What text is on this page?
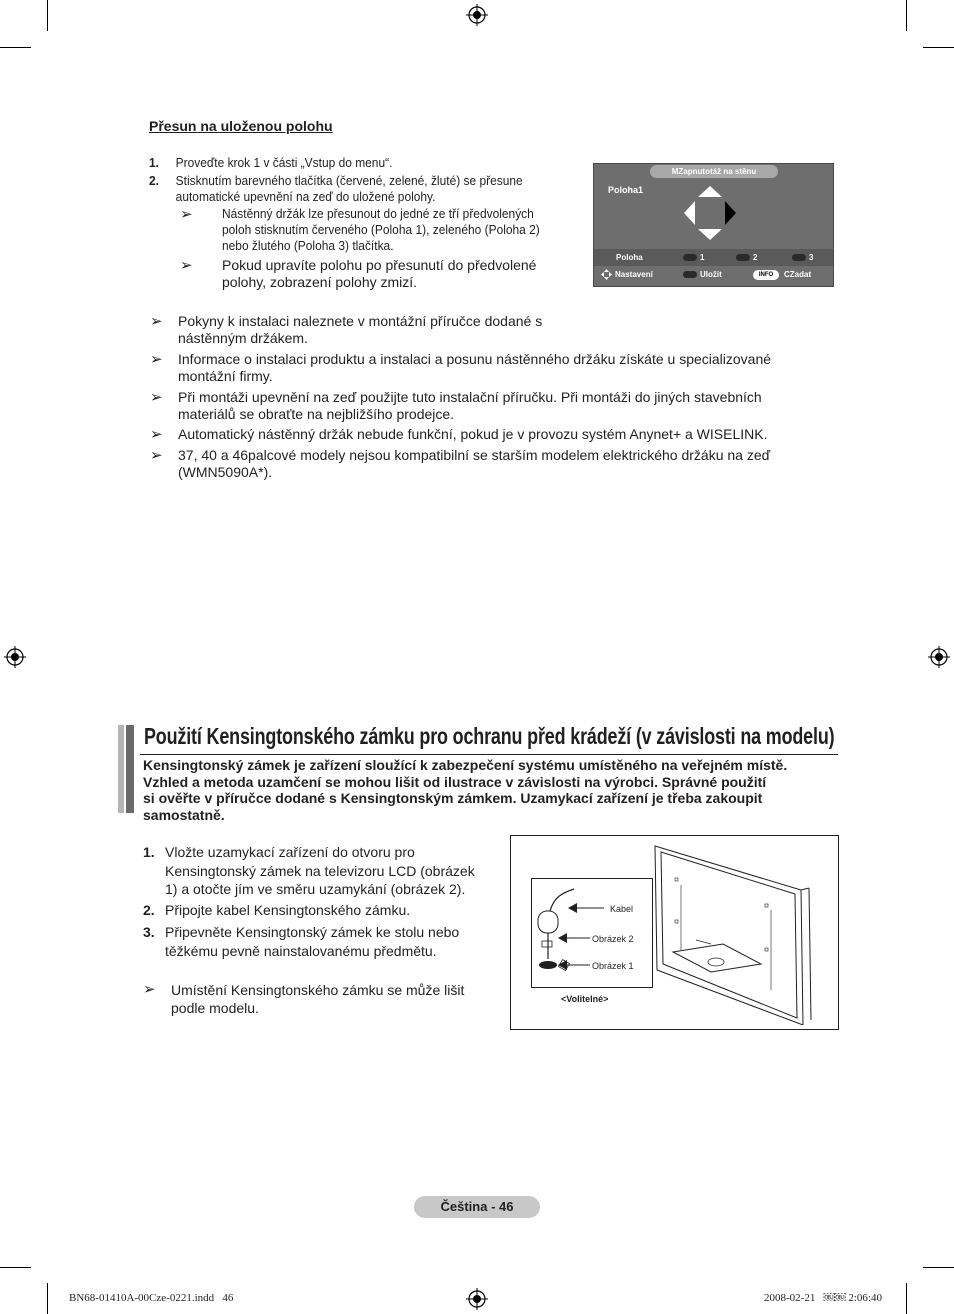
Přesun na uloženou polohu
1. Proveďte krok 1 v části „Vstup do menu“.
2. Stisknutím barevného tlačítka (červené, zelené, žluté) se přesune
automatické upevnění na zeď do uložené polohy.
➢ Nástěnný držák lze přesunout do jedné ze tří předvolených
poloh stisknutím červeného (Poloha 1), zeleného (Poloha 2)
nebo žlutého (Poloha 3) tlačítka.
➢ Pokud upravíte polohu po přesunutí do předvolené
polohy, zobrazení polohy zmizí.
➢ Pokyny k instalaci naleznete v montážní příručce dodané s
nástěnným držákem.
➢ Informace o instalaci produktu a instalaci a posunu nástěnného držáku získáte u specializované
montážní firmy.
➢ Při montáži upevnění na zeď použijte tuto instalační příručku. Při montáži do jiných stavebních
materiálů se obraťte na nejbližšího prodejce.
➢ Automatický nástěnný držák nebude funkční, pokud je v provozu systém Anynet+ a WISELINK.
➢ 37, 40 a 46palcové modely nejsou kompatibilní se starším modelem elektrického držáku na zeď
(WMN5090A*).
MZapnutotáž na stěnu
Poloha1
Poloha	1	2	3
Nastavení	Uložit	INFO	CZadat
Použití Kensingtonského zámku pro ochranu před krádeží (v závislosti na modelu)
Kensingtonský zámek je zařízení sloužící k zabezpečení systému umístěného na veřejném místě.
Vzhled a metoda uzamčení se mohou lišit od ilustrace v závislosti na výrobci. Správné použití
si ověřte v příručce dodané s Kensingtonským zámkem. Uzamykací zařízení je třeba zakoupit
samostatně.
1. Vložte uzamykací zařízení do otvoru pro
Kensingtonský zámek na televizoru LCD (obrázek
1) a otočte jím ve směru uzamykání (obrázek 2).
2. Připojte kabel Kensingtonského zámku.
3. Připevněte Kensingtonský zámek ke stolu nebo
těžkému pevně nainstalovanému předmětu.
➢ Umístění Kensingtonského zámku se může lišit
podle modelu.
Kabel
Obrázek 2
Obrázek 1
<Volitelné>
Čeština - 46
BN68-01410A-00Cze-0221.indd   46	2008-02-21   ￼￼ 2:06:40
